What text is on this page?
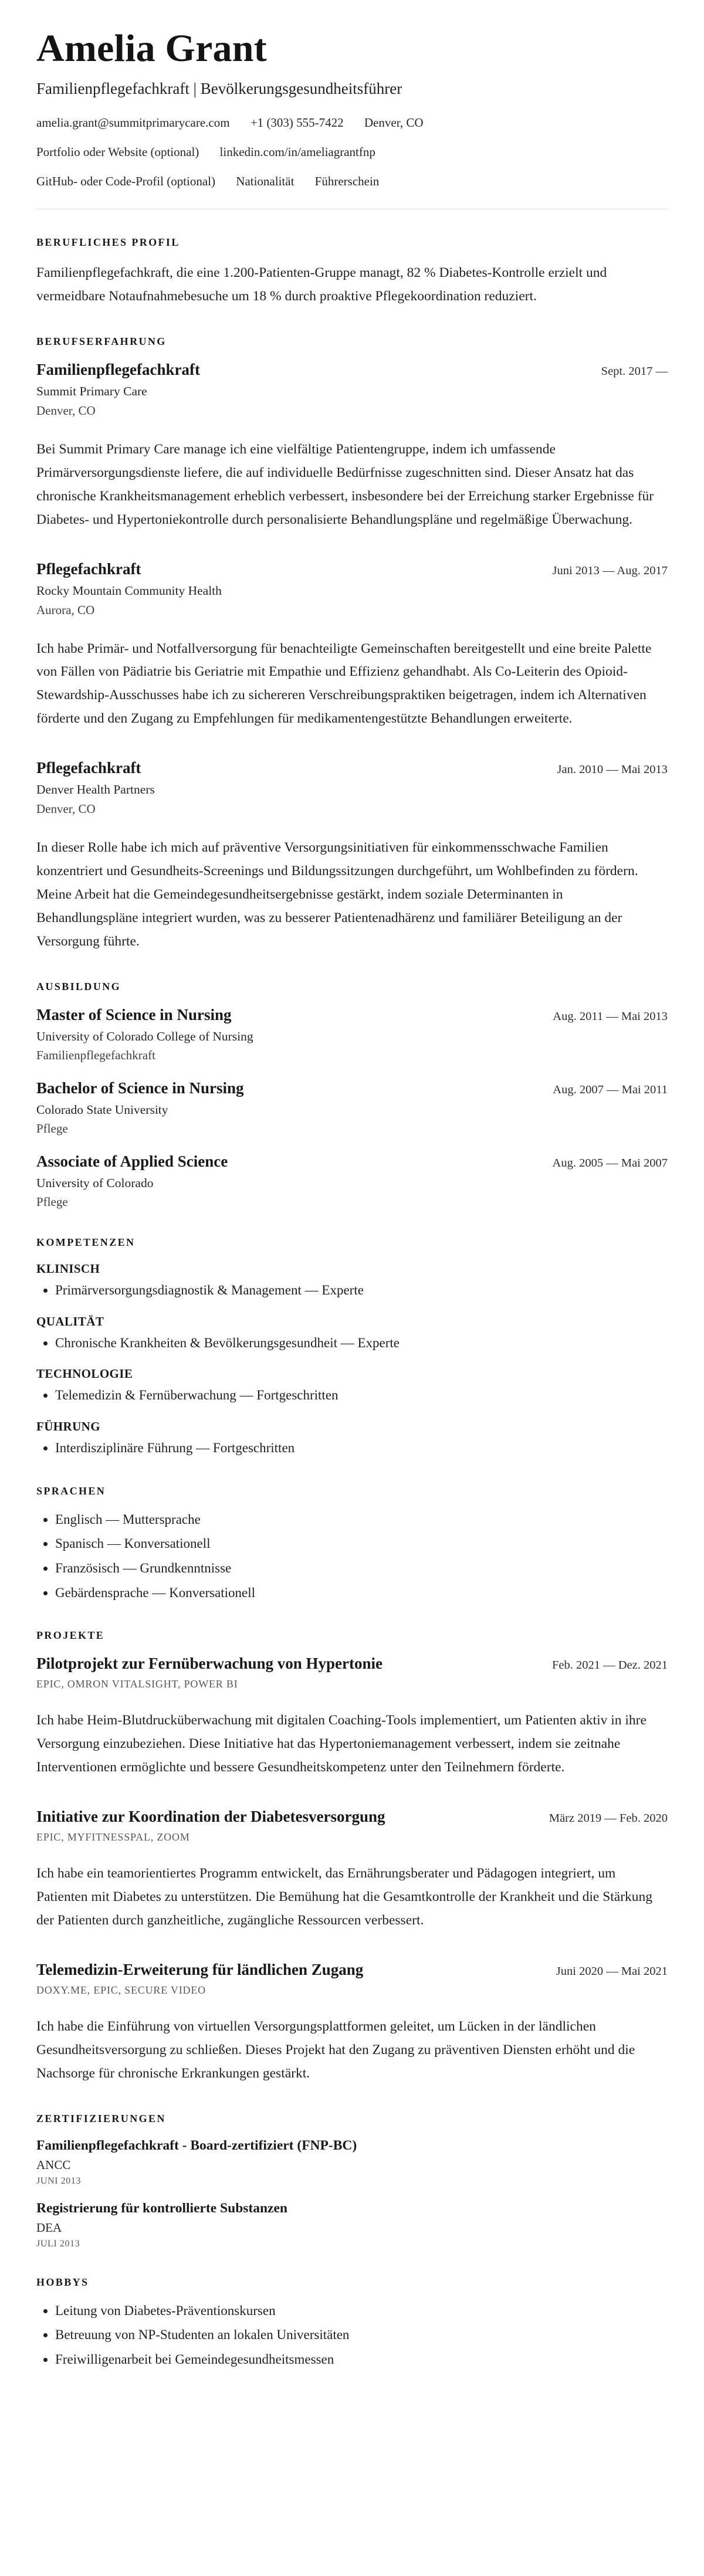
Amelia Grant
Familienpflegefachkraft | Bevölkerungsgesundheitsführer
amelia.grant@summitprimarycare.com +1 (303) 555-7422 Denver, CO
Portfolio oder Website (optional) linkedin.com/in/ameliagrantfnp
GitHub- oder Code-Profil (optional) Nationalität Führerschein
BERUFLICHES PROFIL

Familienpflegefachkraft, die eine 1.200-Patienten-Gruppe managt, 82 % Diabetes-Kontrolle erzielt und vermeidbare Notaufnahmebesuche um 18 % durch proaktive Pflegekoordination reduziert.

BERUFSERFAHRUNG
Familienpflegefachkraft	Sept. 2017 —

Summit Primary Care

Denver, CO

Bei Summit Primary Care manage ich eine vielfältige Patientengruppe, indem ich umfassende Primärversorgungsdienste liefere, die auf individuelle Bedürfnisse zugeschnitten sind. Dieser Ansatz hat das chronische Krankheitsmanagement erheblich verbessert, insbesondere bei der Erreichung starker Ergebnisse für Diabetes- und Hypertoniekontrolle durch personalisierte Behandlungspläne und regelmäßige Überwachung.

Pflegefachkraft	Juni 2013 — Aug. 2017

Rocky Mountain Community Health

Aurora, CO

Ich habe Primär- und Notfallversorgung für benachteiligte Gemeinschaften bereitgestellt und eine breite Palette von Fällen von Pädiatrie bis Geriatrie mit Empathie und Effizienz gehandhabt. Als Co-Leiterin des Opioid-Stewardship-Ausschusses habe ich zu sichereren Verschreibungspraktiken beigetragen, indem ich Alternativen förderte und den Zugang zu Empfehlungen für medikamentengestützte Behandlungen erweiterte.

Pflegefachkraft	Jan. 2010 — Mai 2013

Denver Health Partners

Denver, CO

In dieser Rolle habe ich mich auf präventive Versorgungsinitiativen für einkommensschwache Familien konzentriert und Gesundheits-Screenings und Bildungssitzungen durchgeführt, um Wohlbefinden zu fördern. Meine Arbeit hat die Gemeindegesundheitsergebnisse gestärkt, indem soziale Determinanten in Behandlungspläne integriert wurden, was zu besserer Patientenadhärenz und familiärer Beteiligung an der Versorgung führte.

AUSBILDUNG
Master of Science in Nursing	Aug. 2011 — Mai 2013

University of Colorado College of Nursing

Familienpflegefachkraft

Bachelor of Science in Nursing	Aug. 2007 — Mai 2011

Colorado State University

Pflege

Associate of Applied Science	Aug. 2005 — Mai 2007

University of Colorado

Pflege

KOMPETENZEN
KLINISCH
• Primärversorgungsdiagnostik & Management — Experte
QUALITÄT
• Chronische Krankheiten & Bevölkerungsgesundheit — Experte
TECHNOLOGIE
• Telemedizin & Fernüberwachung — Fortgeschritten
FÜHRUNG
• Interdisziplinäre Führung — Fortgeschritten
SPRACHEN
• Englisch — Muttersprache
• Spanisch — Konversationell
• Französisch — Grundkenntnisse
• Gebärdensprache — Konversationell
PROJEKTE
Pilotprojekt zur Fernüberwachung von Hypertonie	Feb. 2021 — Dez. 2021

EPIC, OMRON VITALSIGHT, POWER BI

Ich habe Heim-Blutdrucküberwachung mit digitalen Coaching-Tools implementiert, um Patienten aktiv in ihre Versorgung einzubeziehen. Diese Initiative hat das Hypertoniemanagement verbessert, indem sie zeitnahe Interventionen ermöglichte und bessere Gesundheitskompetenz unter den Teilnehmern förderte.

Initiative zur Koordination der Diabetesversorgung	März 2019 — Feb. 2020

EPIC, MYFITNESSPAL, ZOOM

Ich habe ein teamorientiertes Programm entwickelt, das Ernährungsberater und Pädagogen integriert, um Patienten mit Diabetes zu unterstützen. Die Bemühung hat die Gesamtkontrolle der Krankheit und die Stärkung der Patienten durch ganzheitliche, zugängliche Ressourcen verbessert.

Telemedizin-Erweiterung für ländlichen Zugang	Juni 2020 — Mai 2021

DOXY.ME, EPIC, SECURE VIDEO

Ich habe die Einführung von virtuellen Versorgungsplattformen geleitet, um Lücken in der ländlichen Gesundheitsversorgung zu schließen. Dieses Projekt hat den Zugang zu präventiven Diensten erhöht und die Nachsorge für chronische Erkrankungen gestärkt.

ZERTIFIZIERUNGEN
Familienpflegefachkraft - Board-zertifiziert (FNP-BC)

ANCC

JUNI 2013

Registrierung für kontrollierte Substanzen

DEA

JULI 2013

HOBBYS
• Leitung von Diabetes-Präventionskursen
• Betreuung von NP-Studenten an lokalen Universitäten
• Freiwilligenarbeit bei Gemeindegesundheitsmessen
